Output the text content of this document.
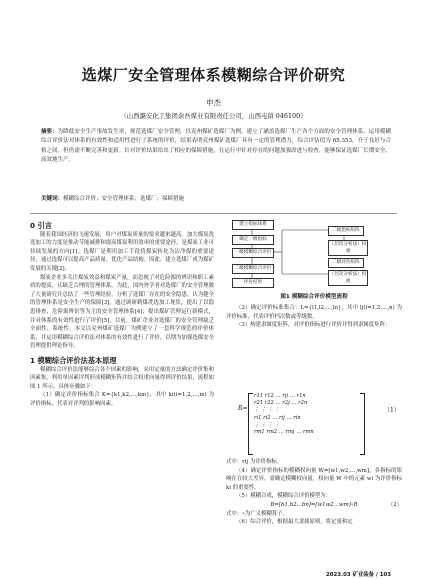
选煤厂安全管理体系模糊综合评价研究
申杰
（山西潞安化工集团余吾煤业有限责任公司，山西屯留 046100）
摘要：为降低安全生产事故发生率，规范选煤厂安全管理，以兖州煤矿选煤厂为例，建立了涵盖选煤厂生产各个方面的安全管理体系。运用模糊综合评价法对体系的有效性和适用性进行了系统的评价，结果表明兖州煤矿选煤厂具有一定的管理潜力，综合评估值为 65.353，介于良好与合格之间，但仍需不断完善和更新。针对评价结果给出了相应的保障措施，在运行中针对存在的问题加强改进与检查，能够保证选煤厂长期安全、高效地生产。
关键词：模糊综合评价；安全管理体系；选煤厂；保障措施

0 引言

随着我国经济的飞速发展，用户对煤炭质量的要求越来越高。加大煤炭洗选加工的力度是推动节能减排和提高煤炭利用效率的重要途径，是煤炭工业可持续发展的方向[1]。选煤厂是利用加工手段将煤炭转化为洁净煤的重要途径，通过选煤可以提高产品质量、优化产品结构。因此，建立选煤厂成为煤矿发展的关键[2]。

煤炭企业多关注煤炭效益和煤炭产量，而忽视了对危险源的辨识和职工素质的提高，且缺乏合理的管理体系。为此，国内外学者对选煤厂的安全管理做了大量研究并总结了一些管理经验，分析了选煤厂存在的安全隐患，认为健全的管理体系是安全生产的保障[3]。通过调研鹤煤洗选加工现状，提出了以隐患排查、危险源辨识等为主的安全管理体系[4]；提出煤矿管理运行新模式，并对体系的有效性进行了评价[5]。目前，煤矿企业对选煤厂的安全管理缺乏全面性、系统性。本文以兖州煤矿选煤厂为例建立了一套科学规范的评价体系，并运用模糊综合评价法对体系的有效性进行了评价，以期为加强选煤安全管理提供理论指导。

1 模糊综合评价法基本原理

模糊综合评价法能够综合各个因素的影响，采用定量的方法确定评价集和因素集，利用单因素评判形成模糊矩阵并结合权重向量得到评价结果，流程如图 1 所示。具体步骤如下：

（1）确定评价指标集合 K={k1,k2,…,km}，其中 ki(i=1,2,…,m) 为评价指标，代表对评判的影响因素。

建立指标体系
确定一级指标
一级模糊综合评价
二级指标矩阵
（层次分析法）权重
二级评价矩阵
（层次分析法）权重
二级模糊综合评价
评价结果
图1 模糊综合评价模型流程

（2）确定评价标准集合：L={l1,l2,…,ln}，其中 lj(i=1,2,…,n) 为评价标准，代表评价档次数或等级数。

（3）构建隶属度矩阵，对评价指标进行评价并得到隶属度矩阵：

R=
r11 r12 … rij … r1n
r21 r22 … r2j … r2n
⋮ ⋮ ⋮ ⋮
ri1 ri2 … rij … rin
⋮ ⋮ ⋮ ⋮
rm1 rm2 … rmj … rmn
（1）

式中：rij 为评价指标。

（4）确定评价指标的模糊权向量 W=[w1,w2,…,wm]，各指标的影响在在较大差异，需确定模糊权向量，权向量 W 中的元素 wi 为评价指标 ki 的重要性。

（5）模糊合成，模糊综合评价模型为：

B=[b1,b2…bn]=[w1w2…wm]∘R	（2）

式中：∘为广义模糊算子。

（6）综合评价，根据最大隶属原则，将定量和定

2023.03 矿业装备 / 103
